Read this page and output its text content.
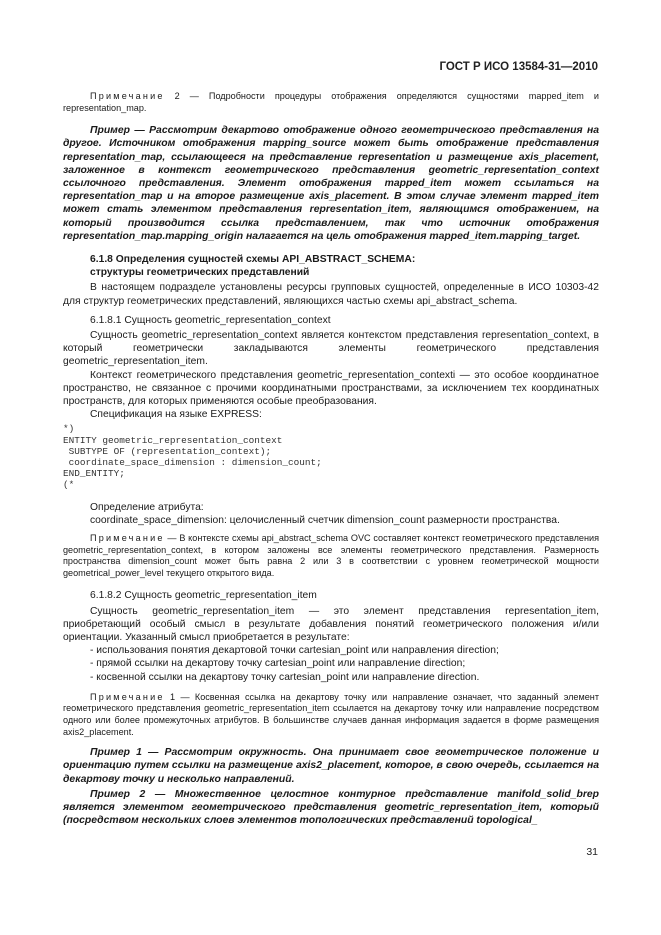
ГОСТ Р ИСО 13584-31—2010

Примечание 2 — Подробности процедуры отображения определяются сущностями mapped_item и representation_map.

Пример — Рассмотрим декартово отображение одного геометрического представления на другое. Источником отображения mapping_source может быть отображение представления representation_map, ссылающееся на представление representation и размещение axis_placement, заложенное в контекст геометрического представления geometric_representation_context ссылочного представления. Элемент отображения mapped_item может ссылаться на representation_map и на второе размещение axis_placement. В этом случае элемент mapped_item может стать элементом представления representation_item, являющимся отображением, на который производится ссылка представлением, так что источник отображения representation_map.mapping_origin налагается на цель отображения mapped_item.mapping_target.

6.1.8 Определения сущностей схемы API_ABSTRACT_SCHEMA:

структуры геометрических представлений

В настоящем подразделе установлены ресурсы групповых сущностей, определенные в ИСО 10303-42 для структур геометрических представлений, являющихся частью схемы api_abstract_schema.

6.1.8.1 Сущность geometric_representation_context

Сущность geometric_representation_context является контекстом представления representation_context, в который геометрически закладываются элементы геометрического представления geometric_representation_item.

Контекст геометрического представления geometric_representation_contexti — это особое координатное пространство, не связанное с прочими координатными пространствами, за исключением тех координатных пространств, для которых применяются особые преобразования.

Спецификация на языке EXPRESS:

*)
ENTITY geometric_representation_context
SUBTYPE OF (representation_context);
coordinate_space_dimension : dimension_count;
END_ENTITY;
(*

Определение атрибута:

coordinate_space_dimension: целочисленный счетчик dimension_count размерности пространства.

Примечание — В контексте схемы api_abstract_schema OVC составляет контекст геометрического представления geometric_representation_context, в котором заложены все элементы геометрического представления. Размерность пространства dimension_count может быть равна 2 или 3 в соответствии с уровнем геометрической мощности geometrical_power_level текущего открытого вида.

6.1.8.2 Сущность geometric_representation_item

Сущность geometric_representation_item — это элемент представления representation_item, приобретающий особый смысл в результате добавления понятий геометрического положения и/или ориентации. Указанный смысл приобретается в результате:

- использования понятия декартовой точки cartesian_point или направления direction;

- прямой ссылки на декартову точку cartesian_point или направление direction;

- косвенной ссылки на декартову точку cartesian_point или направление direction.

Примечание 1 — Косвенная ссылка на декартову точку или направление означает, что заданный элемент геометрического представления geometric_representation_item ссылается на декартову точку или направление посредством одного или более промежуточных атрибутов. В большинстве случаев данная информация задается в форме размещения axis2_placement.

Пример 1 — Рассмотрим окружность. Она принимает свое геометрическое положение и ориентацию путем ссылки на размещение axis2_placement, которое, в свою очередь, ссылается на декартову точку и несколько направлений.

Пример 2 — Множественное целостное контурное представление manifold_solid_brep является элементом геометрического представления geometric_representation_item, который (посредством нескольких слоев элементов топологических представлений topological_

31
